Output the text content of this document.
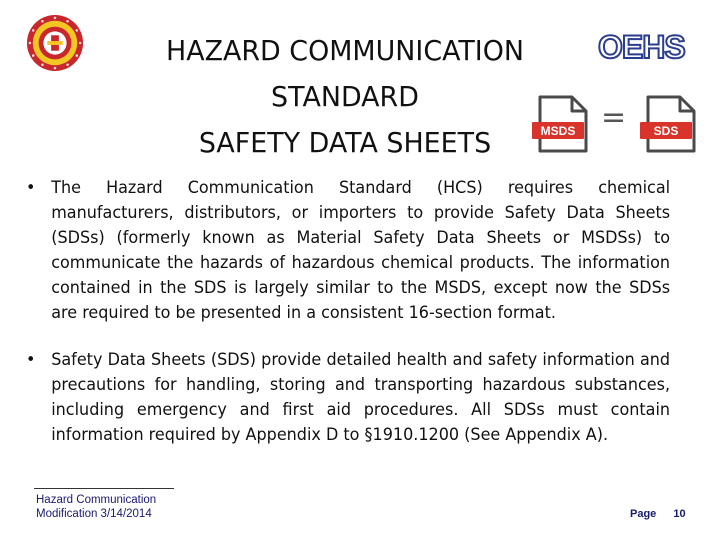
HAZARD COMMUNICATION
STANDARD
SAFETY DATA SHEETS
OEHS
MSDS = SDS
• The Hazard Communication Standard (HCS) requires chemical manufacturers, distributors, or importers to provide Safety Data Sheets (SDSs) (formerly known as Material Safety Data Sheets or MSDSs) to communicate the hazards of hazardous chemical products. The information contained in the SDS is largely similar to the MSDS, except now the SDSs are required to be presented in a consistent 16-section format.
• Safety Data Sheets (SDS) provide detailed health and safety information and precautions for handling, storing and transporting hazardous substances, including emergency and first aid procedures. All SDSs must contain information required by Appendix D to §1910.1200 (See Appendix A).
Hazard Communication
Modification 3/14/2014	Page 10
